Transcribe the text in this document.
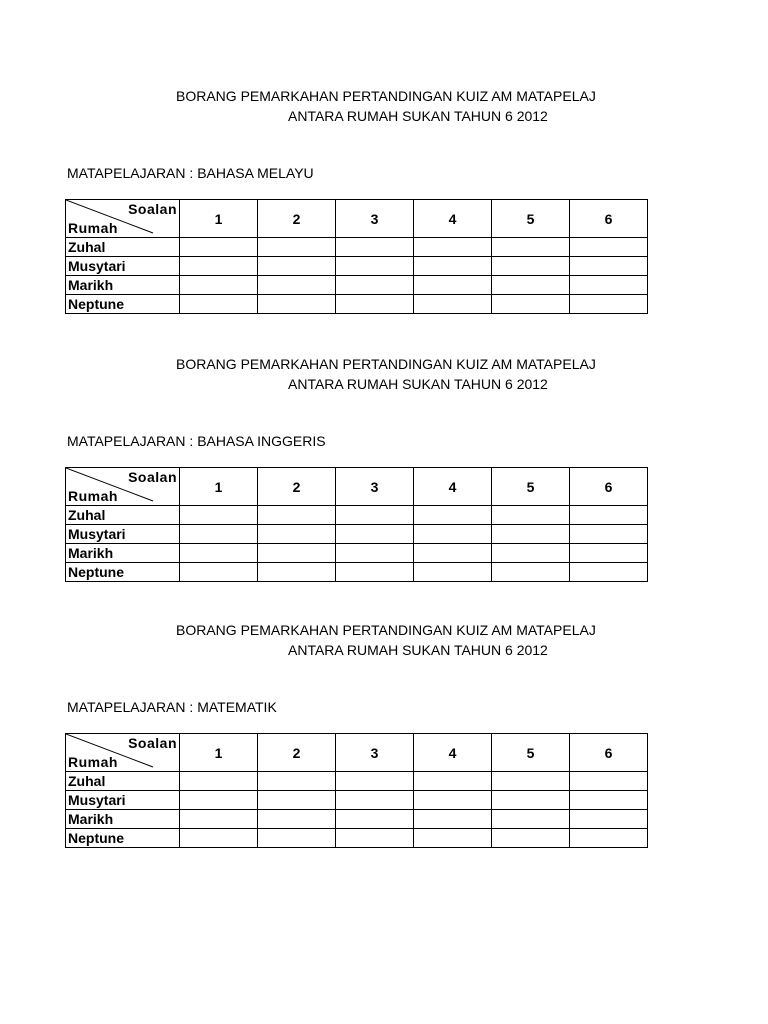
BORANG PEMARKAHAN PERTANDINGAN KUIZ AM MATAPELAJ
ANTARA RUMAH SUKAN TAHUN 6 2012
MATAPELAJARAN : BAHASA MELAYU
Soalan
Rumah	1	2	3	4	5	6
Zuhal						
Musytari						
Marikh						
Neptune						
BORANG PEMARKAHAN PERTANDINGAN KUIZ AM MATAPELAJ
ANTARA RUMAH SUKAN TAHUN 6 2012
MATAPELAJARAN : BAHASA INGGERIS
Soalan
Rumah	1	2	3	4	5	6
Zuhal						
Musytari						
Marikh						
Neptune						
BORANG PEMARKAHAN PERTANDINGAN KUIZ AM MATAPELAJ
ANTARA RUMAH SUKAN TAHUN 6 2012
MATAPELAJARAN : MATEMATIK
Soalan
Rumah	1	2	3	4	5	6
Zuhal						
Musytari						
Marikh						
Neptune						
